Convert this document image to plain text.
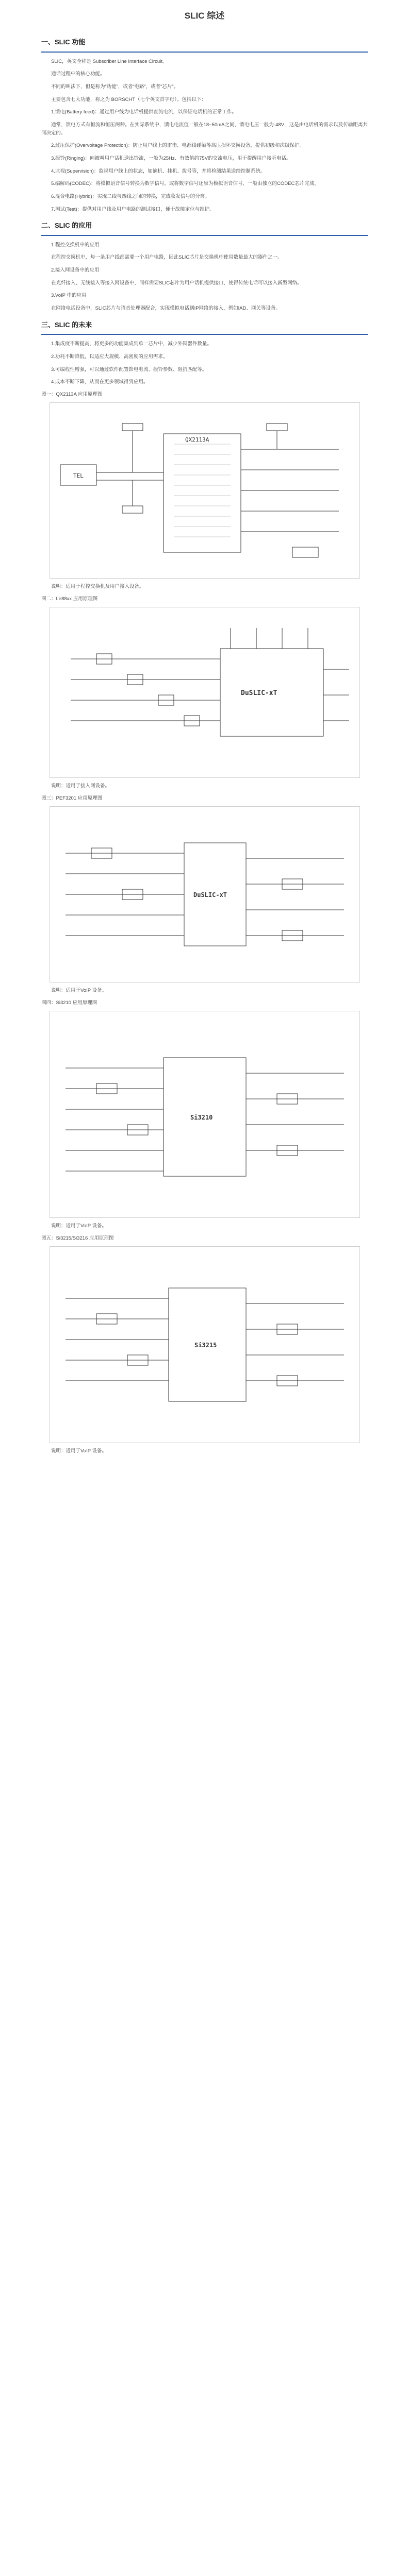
SLIC 综述
一、SLIC 功能

SLIC，英文全称是 Subscriber Line Interface Circuit。

通话过程中的核心功能。

不同的叫法下，但是称为“功能”，或者“电路”，或者“芯片”。

主要包含七大功能，称之为 BORSCHT（七个英文首字母）。包括以下：

1.馈电(Battery feed)：通过用户线为电话机提供直流电流，以保证电话机的正常工作。

通常，馈电方式有恒流和恒压两种。在实际系统中，馈电电流值一般在18~50mA之间，馈电电压一般为-48V，这是由电话机的需求以及传输距离共同决定的。

2.过压保护(Overvoltage Protection)：防止用户线上的雷击、电源线碰触等高压损坏交换设备，提供初级和次级保护。

3.振铃(Ringing)：向被叫用户话机送出铃流，一般为25Hz、有效值约75V的交流电压，用于提醒用户接听电话。

4.监视(Supervision)：监视用户线上的状态，如摘机、挂机、拨号等，并将检测结果送给控制系统。

5.编解码(CODEC)：将模拟语音信号转换为数字信号，或将数字信号还原为模拟语音信号，一般由独立的CODEC芯片完成。

6.混合电路(Hybrid)：实现二线与四线之间的转换，完成收发信号的分离。

7.测试(Test)：提供对用户线及用户电路的测试接口，便于故障定位与维护。

二、SLIC 的应用

1.程控交换机中的应用

在程控交换机中，每一条用户线都需要一个用户电路，因此SLIC芯片是交换机中使用数量最大的器件之一。

2.接入网设备中的应用

在光纤接入、无线接入等接入网设备中，同样需要SLIC芯片为用户话机提供接口，使得传统电话可以接入新型网络。

3.VoIP 中的应用

在网络电话设备中，SLIC芯片与语音处理器配合，实现模拟电话到IP网络的接入，例如IAD、网关等设备。

三、SLIC 的未来

1.集成度不断提高，将更多的功能集成到单一芯片中，减少外围器件数量。

2.功耗不断降低，以适应大规模、高密度的应用需求。

3.可编程性增强，可以通过软件配置馈电电流、振铃参数、阻抗匹配等。

4.成本不断下降，从而在更多领域得到应用。

图一：QX2113A 应用原理图
TEL
QX2113A

说明：适用于程控交换机及用户接入设备。

图二：Le88xx 应用原理图
DuSLIC-xT

说明：适用于接入网设备。

图三：PEF3201 应用原理图
DuSLIC-xT

说明：适用于VoIP 设备。

图四：Si3210 应用原理图
Si3210

说明：适用于VoIP 设备。

图五：Si3215/Si3216 应用原理图
Si3215

说明：适用于VoIP 设备。
